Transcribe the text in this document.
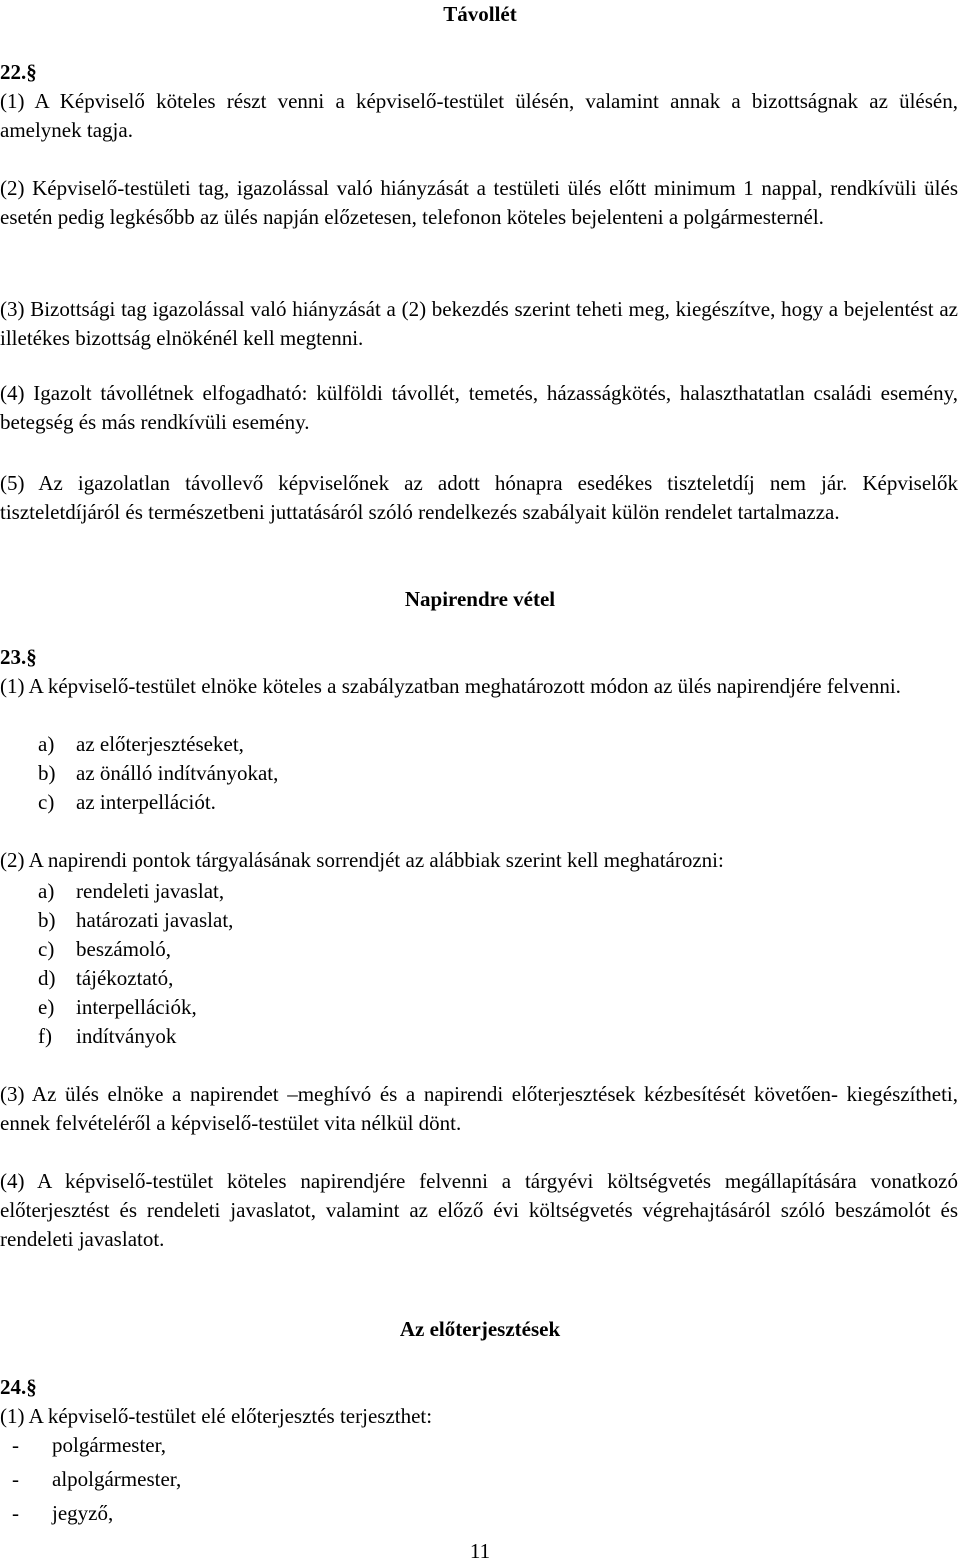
Távollét
22.§

(1) A Képviselő köteles részt venni a képviselő-testület ülésén, valamint annak a bizottságnak az ülésén, amelynek tagja.

(2) Képviselő-testületi tag, igazolással való hiányzását a testületi ülés előtt minimum 1 nappal, rendkívüli ülés esetén pedig legkésőbb az ülés napján előzetesen, telefonon köteles bejelenteni a polgármesternél.

(3) Bizottsági tag igazolással való hiányzását a (2) bekezdés szerint teheti meg, kiegészítve, hogy a bejelentést az illetékes bizottság elnökénél kell megtenni.

(4) Igazolt távollétnek elfogadható: külföldi távollét, temetés, házasságkötés, halaszthatatlan családi esemény, betegség és más rendkívüli esemény.

(5) Az igazolatlan távollevő képviselőnek az adott hónapra esedékes tiszteletdíj nem jár. Képviselők tiszteletdíjáról és természetbeni juttatásáról szóló rendelkezés szabályait külön rendelet tartalmazza.

Napirendre vétel
23.§

(1) A képviselő-testület elnöke köteles a szabályzatban meghatározott módon az ülés napirendjére felvenni.

a) az előterjesztéseket,
b) az önálló indítványokat,
c) az interpellációt.

(2) A napirendi pontok tárgyalásának sorrendjét az alábbiak szerint kell meghatározni:

a) rendeleti javaslat,
b) határozati javaslat,
c) beszámoló,
d) tájékoztató,
e) interpellációk,
f) indítványok

(3) Az ülés elnöke a napirendet –meghívó és a napirendi előterjesztések kézbesítését követően- kiegészítheti, ennek felvételéről a képviselő-testület vita nélkül dönt.

(4) A képviselő-testület köteles napirendjére felvenni a tárgyévi költségvetés megállapítására vonatkozó előterjesztést és rendeleti javaslatot, valamint az előző évi költségvetés végrehajtásáról szóló beszámolót és rendeleti javaslatot.

Az előterjesztések
24.§

(1) A képviselő-testület elé előterjesztés terjeszthet:

- polgármester,
- alpolgármester,
- jegyző,
11
